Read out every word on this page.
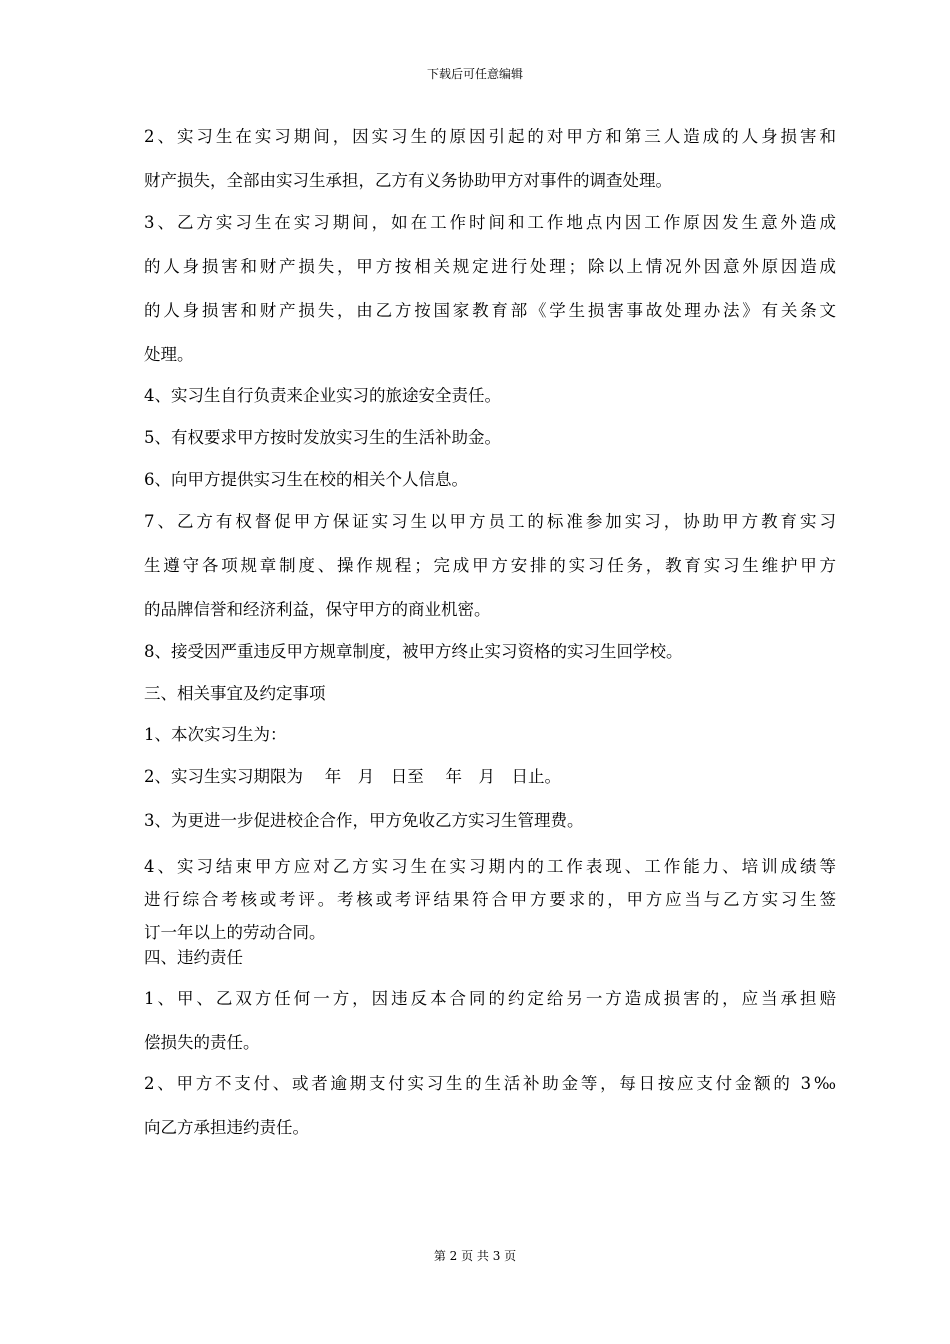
下载后可任意编辑
2、实习生在实习期间，因实习生的原因引起的对甲方和第三人造成的人身损害和
财产损失，全部由实习生承担，乙方有义务协助甲方对事件的调查处理。
3、乙方实习生在实习期间，如在工作时间和工作地点内因工作原因发生意外造成
的人身损害和财产损失，甲方按相关规定进行处理；除以上情况外因意外原因造成
的人身损害和财产损失，由乙方按国家教育部《学生损害事故处理办法》有关条文
处理。
4、实习生自行负责来企业实习的旅途安全责任。
5、有权要求甲方按时发放实习生的生活补助金。
6、向甲方提供实习生在校的相关个人信息。
7、乙方有权督促甲方保证实习生以甲方员工的标准参加实习，协助甲方教育实习
生遵守各项规章制度、操作规程；完成甲方安排的实习任务，教育实习生维护甲方
的品牌信誉和经济利益，保守甲方的商业机密。
8、接受因严重违反甲方规章制度，被甲方终止实习资格的实习生回学校。
三、相关事宜及约定事项
1、本次实习生为：
2、实习生实习期限为　 年　月　日至　 年　月　日止。
3、为更进一步促进校企合作，甲方免收乙方实习生管理费。
4、实习结束甲方应对乙方实习生在实习期内的工作表现、工作能力、培训成绩等
进行综合考核或考评。考核或考评结果符合甲方要求的，甲方应当与乙方实习生签
订一年以上的劳动合同。
四、违约责任
1、甲、乙双方任何一方，因违反本合同的约定给另一方造成损害的，应当承担赔
偿损失的责任。
2、甲方不支付、或者逾期支付实习生的生活补助金等，每日按应支付金额的 3‰
向乙方承担违约责任。
第 2 页 共 3 页
